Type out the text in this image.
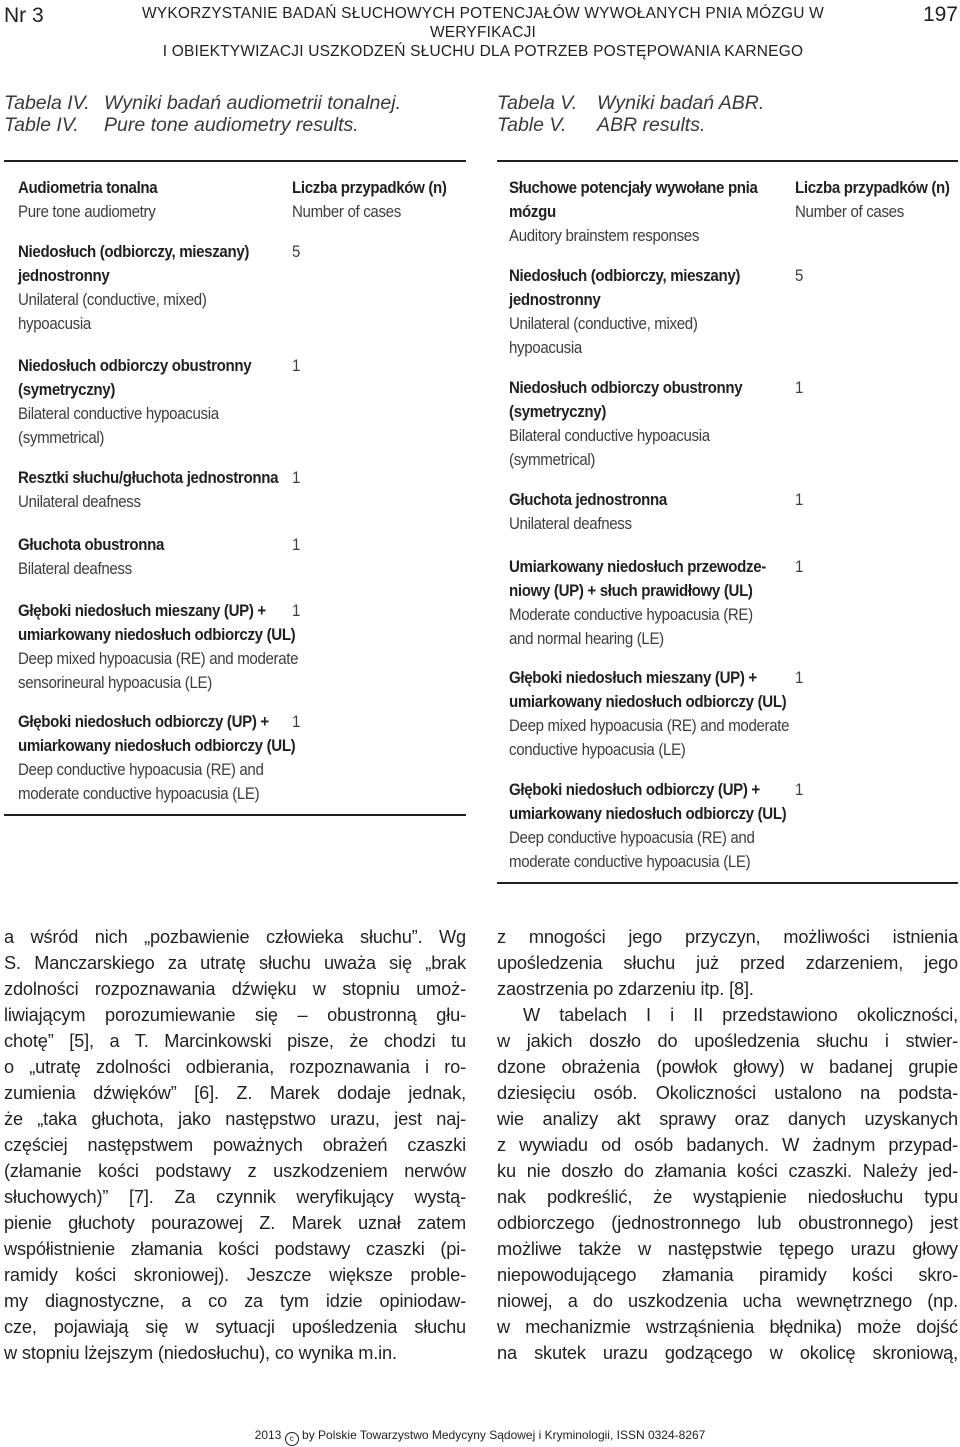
Nr 3	WYKORZYSTANIE BADAŃ SŁUCHOWYCH POTENCJAŁÓW WYWOŁANYCH PNIA MÓZGU W WERYFIKACJI
I OBIEKTYWIZACJI USZKODZEŃ SŁUCHU DLA POTRZEB POSTĘPOWANIA KARNEGO
197
Tabela IV. Wyniki badań audiometrii tonalnej.
Table IV. Pure tone audiometry results.
Tabela V. Wyniki badań ABR.
Table V. ABR results.
Audiometria tonalna
Pure tone audiometry
Niedosłuch (odbiorczy, mieszany)
jednostronny
Unilateral (conductive, mixed)
hypoacusia
Niedosłuch odbiorczy obustronny
(symetryczny)
Bilateral conductive hypoacusia
(symmetrical)
Resztki słuchu/głuchota jednostronna
Unilateral deafness
Głuchota obustronna
Bilateral deafness
Głęboki niedosłuch mieszany (UP) +
umiarkowany niedosłuch odbiorczy (UL)
Deep mixed hypoacusia (RE) and moderate
sensorineural hypoacusia (LE)
Głęboki niedosłuch odbiorczy (UP) +
umiarkowany niedosłuch odbiorczy (UL)
Deep conductive hypoacusia (RE) and
moderate conductive hypoacusia (LE)
Liczba przypadków (n)
Number of cases
5
1
1
1
1
1
Słuchowe potencjały wywołane pnia
mózgu
Auditory brainstem responses
Niedosłuch (odbiorczy, mieszany)
jednostronny
Unilateral (conductive, mixed)
hypoacusia
Niedosłuch odbiorczy obustronny
(symetryczny)
Bilateral conductive hypoacusia
(symmetrical)
Głuchota jednostronna
Unilateral deafness
Umiarkowany niedosłuch przewodze-
niowy (UP) + słuch prawidłowy (UL)
Moderate conductive hypoacusia (RE)
and normal hearing (LE)
Głęboki niedosłuch mieszany (UP) +
umiarkowany niedosłuch odbiorczy (UL)
Deep mixed hypoacusia (RE) and moderate
conductive hypoacusia (LE)
Głęboki niedosłuch odbiorczy (UP) +
umiarkowany niedosłuch odbiorczy (UL)
Deep conductive hypoacusia (RE) and
moderate conductive hypoacusia (LE)
Liczba przypadków (n)
Number of cases
5
1
1
1
1
1
a wśród nich „pozbawienie człowieka słuchu”. Wg
S. Manczarskiego za utratę słuchu uważa się „brak
zdolności rozpoznawania dźwięku w stopniu umoż-
liwiającym porozumiewanie się – obustronną głu-
chotę” [5], a T. Marcinkowski pisze, że chodzi tu
o „utratę zdolności odbierania, rozpoznawania i ro-
zumienia dźwięków” [6]. Z. Marek dodaje jednak,
że „taka głuchota, jako następstwo urazu, jest naj-
częściej następstwem poważnych obrażeń czaszki
(złamanie kości podstawy z uszkodzeniem nerwów
słuchowych)” [7]. Za czynnik weryfikujący wystą-
pienie głuchoty pourazowej Z. Marek uznał zatem
współistnienie złamania kości podstawy czaszki (pi-
ramidy kości skroniowej). Jeszcze większe proble-
my diagnostyczne, a co za tym idzie opiniodaw-
cze, pojawiają się w sytuacji upośledzenia słuchu
w stopniu lżejszym (niedosłuchu), co wynika m.in.
z mnogości jego przyczyn, możliwości istnienia
upośledzenia słuchu już przed zdarzeniem, jego
zaostrzenia po zdarzeniu itp. [8].
W tabelach I i II przedstawiono okoliczności,
w jakich doszło do upośledzenia słuchu i stwier-
dzone obrażenia (powłok głowy) w badanej grupie
dziesięciu osób. Okoliczności ustalono na podsta-
wie analizy akt sprawy oraz danych uzyskanych
z wywiadu od osób badanych. W żadnym przypad-
ku nie doszło do złamania kości czaszki. Należy jed-
nak podkreślić, że wystąpienie niedosłuchu typu
odbiorczego (jednostronnego lub obustronnego) jest
możliwe także w następstwie tępego urazu głowy
niepowodującego złamania piramidy kości skro-
niowej, a do uszkodzenia ucha wewnętrznego (np.
w mechanizmie wstrząśnienia błędnika) może dojść
na skutek urazu godzącego w okolicę skroniową,
2013 c by Polskie Towarzystwo Medycyny Sądowej i Kryminologii, ISSN 0324-8267
